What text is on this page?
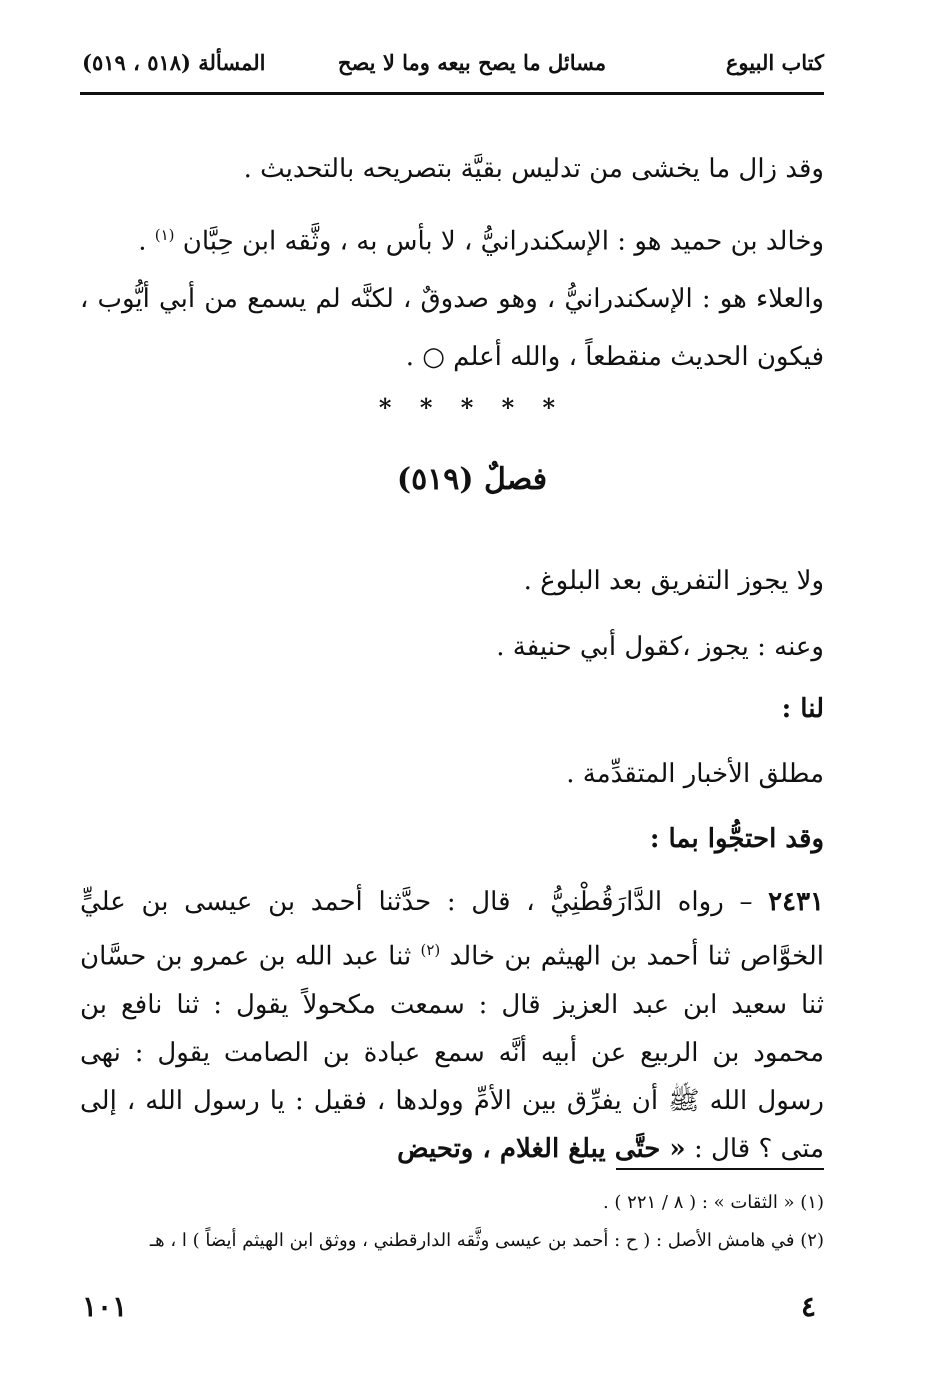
كتاب البيوع
مسائل ما يصح بيعه وما لا يصح
المسألة (٥١٨ ، ٥١٩)
وقد زال ما يخشى من تدليس بقيَّة بتصريحه بالتحديث .
وخالد بن حميد هو : الإسكندرانيُّ ، لا بأس به ، وثَّقه ابن حِبَّان $^{(١)}$ .
والعلاء هو : الإسكندرانيُّ ، وهو صدوقٌ ، لكنَّه لم يسمع من أبي أيُّوب ، فيكون الحديث منقطعاً ، والله أعلم ○ .
* * * * *
فصلٌ (٥١٩)
ولا يجوز التفريق بعد البلوغ .
وعنه : يجوز ،كقول أبي حنيفة .
لنا :
مطلق الأخبار المتقدِّمة .
وقد احتجُّوا بما :
٢٤٣١ – رواه الدَّارَقُطْنِيُّ ، قال : حدَّثنا أحمد بن عيسى بن عليٍّ الخوَّاص ثنا أحمد بن الهيثم بن خالد $^{(٢)}$ ثنا عبد الله بن عمرو بن حسَّان ثنا سعيد ابن عبد العزيز قال : سمعت مكحولاً يقول : ثنا نافع بن محمود بن الربيع عن أبيه أنَّه سمع عبادة بن الصامت يقول : نهى رسول الله ﷺ أن يفرِّق بين الأمِّ وولدها ، فقيل : يا رسول الله ، إلى متى ؟ قال : « حتَّى يبلغ الغلام ، وتحيض
(١) « الثقات » : ( ٨ / ٢٢١ ) .
(٢) في هامش الأصل : ( ح : أحمد بن عيسى وثَّقه الدارقطني ، ووثق ابن الهيثم أيضاً ) ا ، هـ
٤
١٠١
